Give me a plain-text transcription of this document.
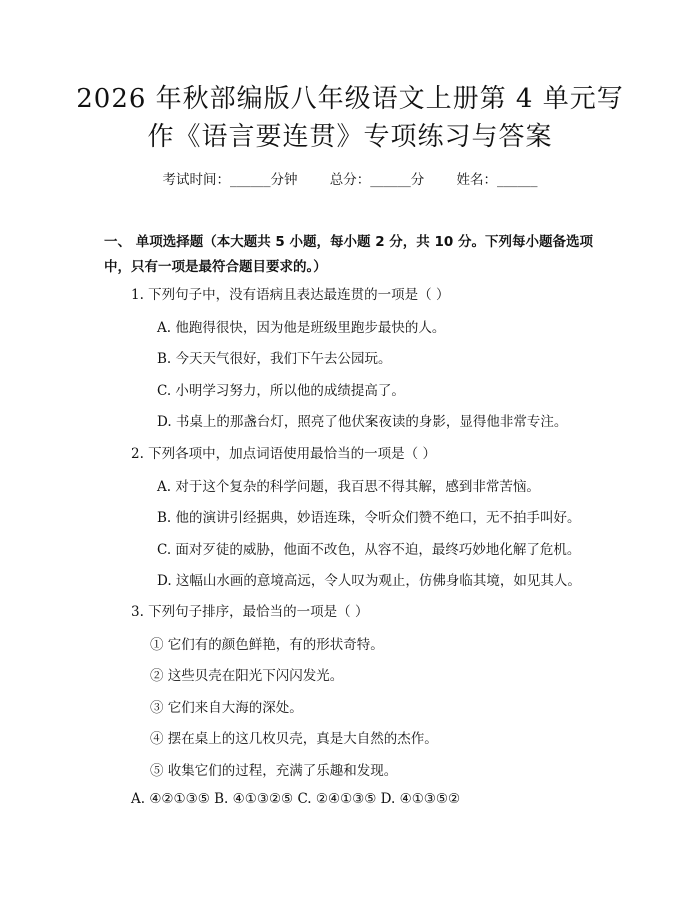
2026 年秋部编版八年级语文上册第 4 单元写
作《语言要连贯》专项练习与答案
考试时间：______分钟 总分：______分 姓名：______
一、 单项选择题（本大题共 5 小题，每小题 2 分，共 10 分。下列每小题备选项中，只有一项是最符合题目要求的。）
1. 下列句子中，没有语病且表达最连贯的一项是（ ）
A. 他跑得很快，因为他是班级里跑步最快的人。
B. 今天天气很好，我们下午去公园玩。
C. 小明学习努力，所以他的成绩提高了。
D. 书桌上的那盏台灯，照亮了他伏案夜读的身影，显得他非常专注。
2. 下列各项中，加点词语使用最恰当的一项是（ ）
A. 对于这个复杂的科学问题，我百思不得其解，感到非常苦恼。
B. 他的演讲引经据典，妙语连珠，令听众们赞不绝口，无不拍手叫好。
C. 面对歹徒的威胁，他面不改色，从容不迫，最终巧妙地化解了危机。
D. 这幅山水画的意境高远，令人叹为观止，仿佛身临其境，如见其人。
3. 下列句子排序，最恰当的一项是（ ）
① 它们有的颜色鲜艳，有的形状奇特。
② 这些贝壳在阳光下闪闪发光。
③ 它们来自大海的深处。
④ 摆在桌上的这几枚贝壳，真是大自然的杰作。
⑤ 收集它们的过程，充满了乐趣和发现。
A. ④②①③⑤ B. ④①③②⑤ C. ②④①③⑤ D. ④①③⑤②
